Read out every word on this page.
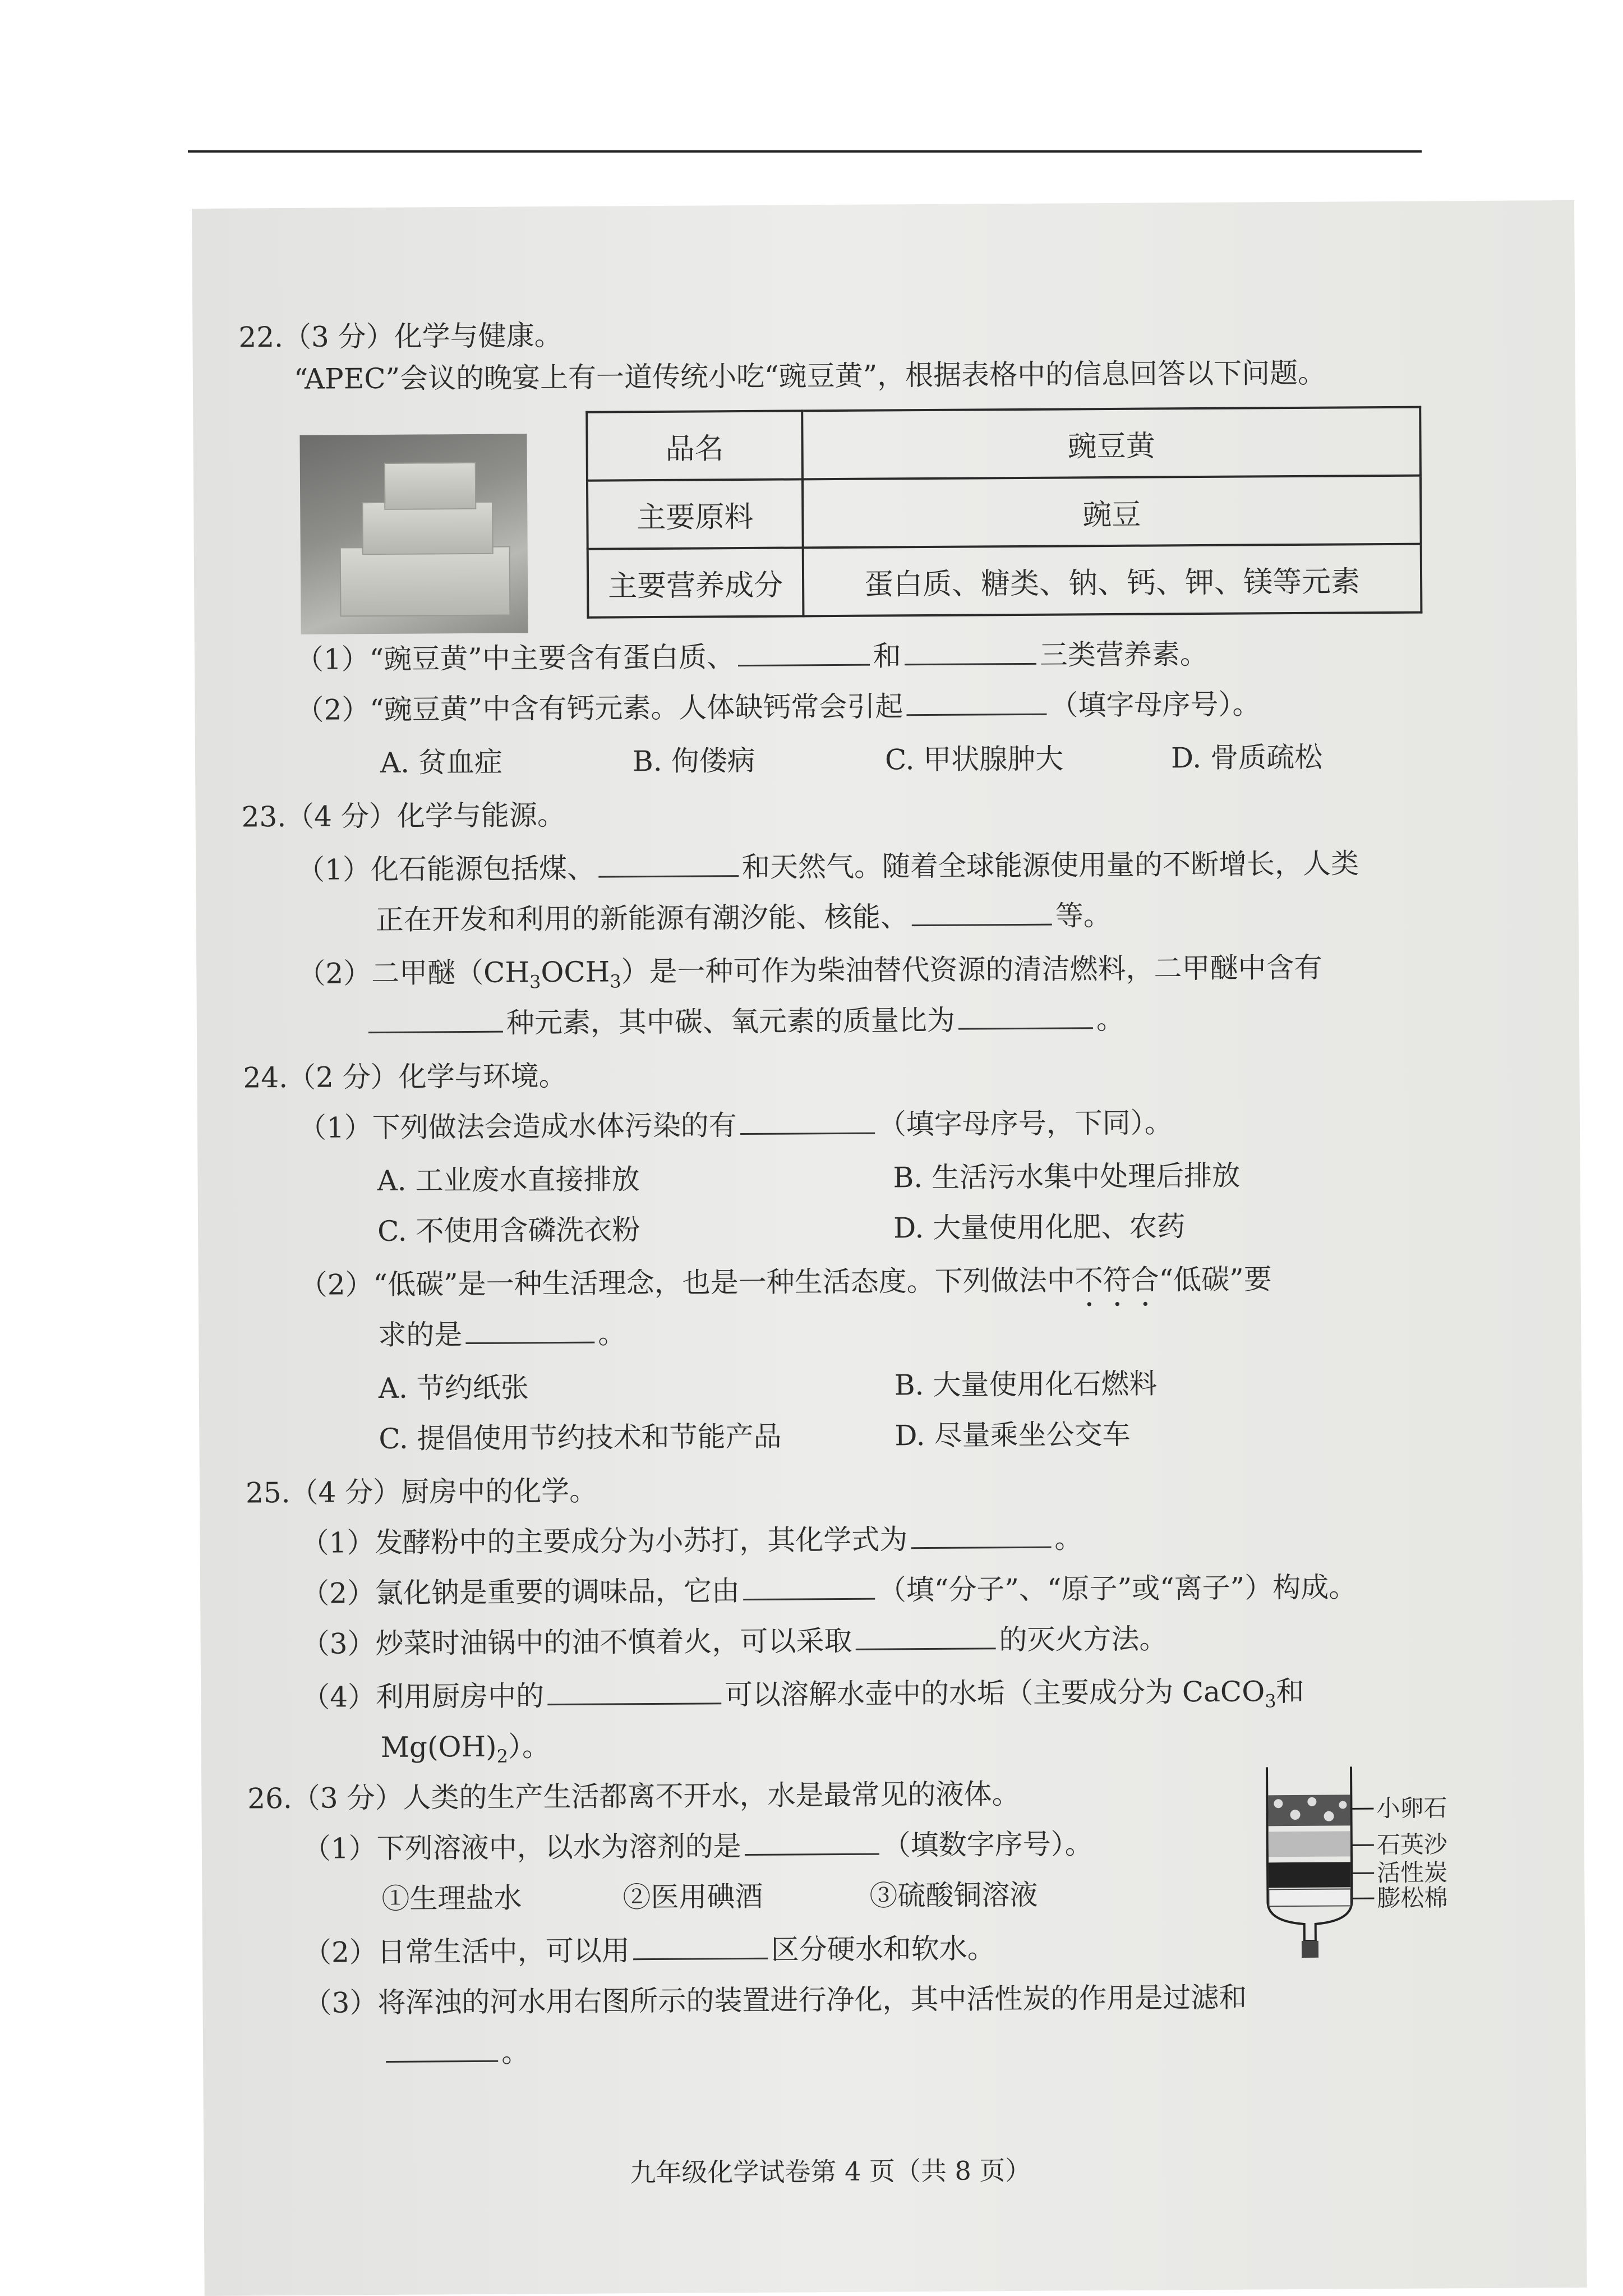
22.（3 分）化学与健康。
“APEC”会议的晚宴上有一道传统小吃“豌豆黄”，根据表格中的信息回答以下问题。
品名	豌豆黄
主要原料	豌豆
主要营养成分	蛋白质、糖类、钠、钙、钾、镁等元素
（1）“豌豆黄”中主要含有蛋白质、	和	三类营养素。
（2）“豌豆黄”中含有钙元素。人体缺钙常会引起	（填字母序号）。
A. 贫血症	B. 佝偻病	C. 甲状腺肿大	D. 骨质疏松
23.（4 分）化学与能源。
（1）化石能源包括煤、	和天然气。随着全球能源使用量的不断增长，人类
正在开发和利用的新能源有潮汐能、核能、	等。
（2）二甲醚$(CH_3OCH_3)$是一种可作为柴油替代资源的清洁燃料，二甲醚中含有
种元素，其中碳、氧元素的质量比为	。
24.（2 分）化学与环境。
（1）下列做法会造成水体污染的有	（填字母序号，下同）。
A. 工业废水直接排放	B. 生活污水集中处理后排放
C. 不使用含磷洗衣粉	D. 大量使用化肥、农药
（2）“低碳”是一种生活理念，也是一种生活态度。下列做法中不符合“低碳”要
求的是	。
A. 节约纸张	B. 大量使用化石燃料
C. 提倡使用节约技术和节能产品	D. 尽量乘坐公交车
25.（4 分）厨房中的化学。
（1）发酵粉中的主要成分为小苏打，其化学式为	。
（2）氯化钠是重要的调味品，它由	（填“分子”、“原子”或“离子”）构成。
（3）炒菜时油锅中的油不慎着火，可以采取	的灭火方法。
（4）利用厨房中的	可以溶解水壶中的水垢（主要成分为 CaCO$_3$和
$Mg(OH)_2$）。
26.（3 分）人类的生产生活都离不开水，水是最常见的液体。
（1）下列溶液中，以水为溶剂的是	（填数字序号）。
①生理盐水	②医用碘酒	③硫酸铜溶液
（2）日常生活中，可以用	区分硬水和软水。
（3）将浑浊的河水用右图所示的装置进行净化，其中活性炭的作用是过滤和
。
小卵石
石英沙
活性炭
膨松棉
九年级化学试卷第 4 页（共 8 页）
